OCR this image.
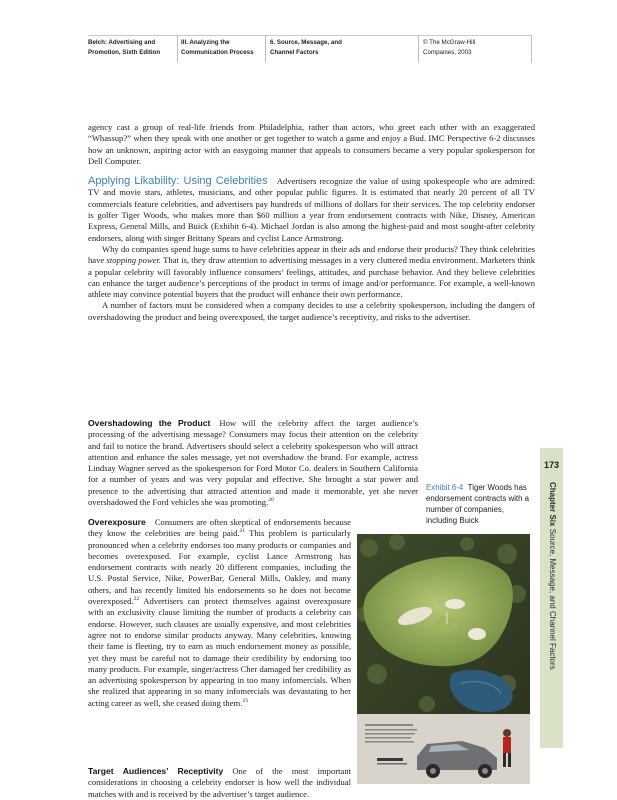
Belch: Advertising and Promotion, Sixth Edition
III. Analyzing the Communication Process
6. Source, Message, and Channel Factors
© The McGraw-Hill Companies, 2003

agency cast a group of real-life friends from Philadelphia, rather than actors, who greet each other with an exaggerated “Whassup?” when they speak with one another or get together to watch a game and enjoy a Bud. IMC Perspective 6-2 discusses how an unknown, aspiring actor with an easygoing manner that appeals to consumers became a very popular spokesperson for Dell Computer.

Applying Likability: Using Celebrities Advertisers recognize the value of using spokespeople who are admired: TV and movie stars, athletes, musicians, and other popular public figures. It is estimated that nearly 20 percent of all TV commercials feature celebrities, and advertisers pay hundreds of millions of dollars for their services. The top celebrity endorser is golfer Tiger Woods, who makes more than $60 million a year from endorsement contracts with Nike, Disney, American Express, General Mills, and Buick (Exhibit 6-4). Michael Jordan is also among the highest-paid and most sought-after celebrity endorsers, along with singer Brittany Spears and cyclist Lance Armstrong.

Why do companies spend huge sums to have celebrities appear in their ads and endorse their products? They think celebrities have stopping power. That is, they draw attention to advertising messages in a very cluttered media environment. Marketers think a popular celebrity will favorably influence consumers’ feelings, attitudes, and purchase behavior. And they believe celebrities can enhance the target audience’s perceptions of the product in terms of image and/or performance. For example, a well-known athlete may convince potential buyers that the product will enhance their own performance.

A number of factors must be considered when a company decides to use a celebrity spokesperson, including the dangers of overshadowing the product and being overexposed, the target audience’s receptivity, and risks to the advertiser.

Overshadowing the Product How will the celebrity affect the target audience’s processing of the advertising message? Consumers may focus their attention on the celebrity and fail to notice the brand. Advertisers should select a celebrity spokesperson who will attract attention and enhance the sales message, yet not overshadow the brand. For example, actress Lindsay Wagner served as the spokesperson for Ford Motor Co. dealers in Southern California for a number of years and was very popular and effective. She brought a star power and presence to the advertising that attracted attention and made it memorable, yet she never overshadowed the Ford vehicles she was promoting.$^{20}$

Overexposure Consumers are often skeptical of endorsements because they know the celebrities are being paid.$^{21}$ This problem is particularly pronounced when a celebrity endorses too many products or companies and becomes overexposed. For example, cyclist Lance Armstrong has endorsement contracts with nearly 20 different companies, including the U.S. Postal Service, Nike, PowerBar, General Mills, Oakley, and many others, and has recently limited his endorsements so he does not become overexposed.$^{22}$ Advertisers can protect themselves against overexposure with an exclusivity clause limiting the number of products a celebrity can endorse. However, such clauses are usually expensive, and most celebrities agree not to endorse similar products anyway. Many celebrities, knowing their fame is fleeting, try to earn as much endorsement money as possible, yet they must be careful not to damage their credibility by endorsing too many products. For example, singer/actress Cher damaged her credibility as an advertising spokesperson by appearing in too many infomercials. When she realized that appearing in so many infomercials was devastating to her acting career as well, she ceased doing them.$^{23}$

Target Audiences’ Receptivity One of the most important considerations in choosing a celebrity endorser is how well the individual matches with and is received by the advertiser’s target audience.

173
Chapter Six Source, Message, and Channel Factors
Exhibit 6-4 Tiger Woods has endorsement contracts with a number of companies, including Buick
